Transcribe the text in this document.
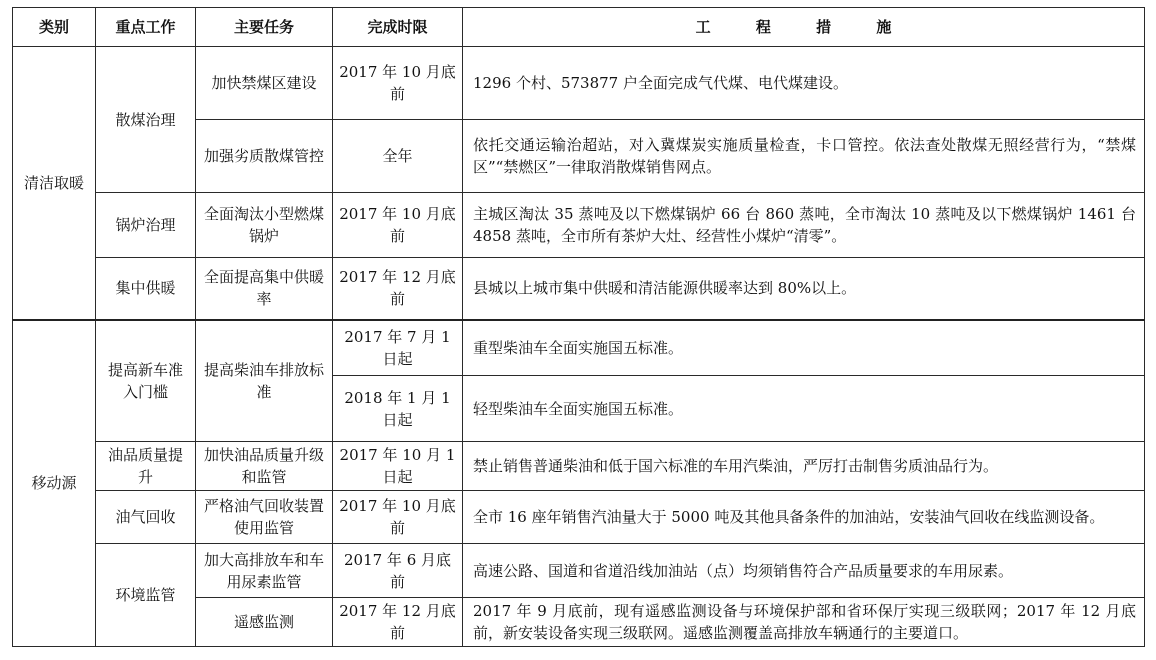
类别	重点工作	主要任务	完成时限	工 程 措 施
清洁取暖	散煤治理	加快禁煤区建设	2017 年 10 月底前	1296 个村、573877 户全面完成气代煤、电代煤建设。
		加强劣质散煤管控	全年	依托交通运输治超站，对入冀煤炭实施质量检查，卡口管控。依法查处散煤无照经营行为，“禁煤区”“禁燃区”一律取消散煤销售网点。
	锅炉治理	全面淘汰小型燃煤锅炉	2017 年 10 月底前	主城区淘汰 35 蒸吨及以下燃煤锅炉 66 台 860 蒸吨，全市淘汰 10 蒸吨及以下燃煤锅炉 1461 台 4858 蒸吨，全市所有茶炉大灶、经营性小煤炉“清零”。
	集中供暖	全面提高集中供暖率	2017 年 12 月底前	县城以上城市集中供暖和清洁能源供暖率达到 80%以上。
移动源	提高新车准入门槛	提高柴油车排放标准	2017 年 7 月 1 日起	重型柴油车全面实施国五标准。
			2018 年 1 月 1 日起	轻型柴油车全面实施国五标准。
	油品质量提升	加快油品质量升级和监管	2017 年 10 月 1 日起	禁止销售普通柴油和低于国六标准的车用汽柴油，严厉打击制售劣质油品行为。
	油气回收	严格油气回收装置使用监管	2017 年 10 月底前	全市 16 座年销售汽油量大于 5000 吨及其他具备条件的加油站，安装油气回收在线监测设备。
	环境监管	加大高排放车和车用尿素监管	2017 年 6 月底前	高速公路、国道和省道沿线加油站（点）均须销售符合产品质量要求的车用尿素。
		遥感监测	2017 年 12 月底前	2017 年 9 月底前，现有遥感监测设备与环境保护部和省环保厅实现三级联网；2017 年 12 月底前，新安装设备实现三级联网。遥感监测覆盖高排放车辆通行的主要道口。
